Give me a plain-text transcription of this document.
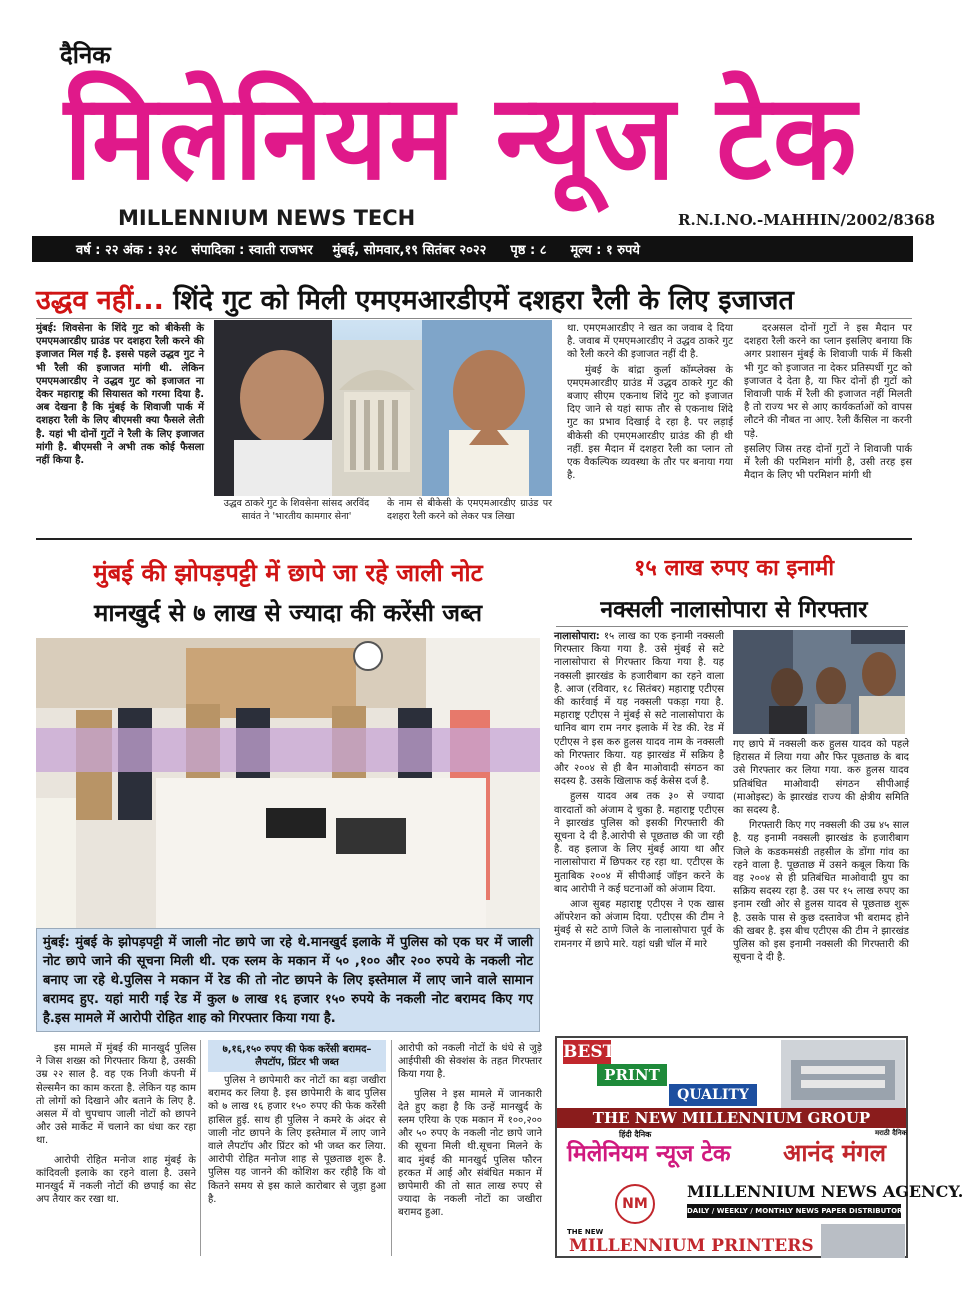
दैनिक
मिलेनियम न्यूज टेक
MILLENNIUM NEWS TECH	R.N.I.NO.-MAHHIN/2002/8368
वर्ष : २२ अंक : ३२८ संपादिका : स्वाती राजभर मुंबई, सोमवार,१९ सितंबर २०२२ पृष्ठ : ८ मूल्य : १ रुपये
उद्धव नहीं... शिंदे गुट को मिली एमएमआरडीएमें दशहरा रैली के लिए इजाजत
मुंबई: शिवसेना के शिंदे गुट को बीकेसी के एमएमआरडीए ग्राउंड पर दशहरा रैली करने की इजाजत मिल गई है. इससे पहले उद्धव गुट ने भी रैली की इजाजत मांगी थी. लेकिन एमएमआरडीए ने उद्धव गुट को इजाजत ना देकर महाराष्ट्र की सियासत को गरमा दिया है. अब देखना है कि मुंबई के शिवाजी पार्क में दशहरा रैली के लिए बीएमसी क्या फैसले लेती है. यहां भी दोनों गुटों ने रैली के लिए इजाजत मांगी है. बीएमसी ने अभी तक कोई फैसला नहीं किया है.
उद्धव ठाकरे गुट के शिवसेना सांसद अरविंद सावंत ने 'भारतीय कामगार सेना'
के नाम से बीकेसी के एमएमआरडीए ग्राउंड पर दशहरा रैली करने को लेकर पत्र लिखा

था. एमएमआरडीए ने खत का जवाब दे दिया है. जवाब में एमएमआरडीए ने उद्धव ठाकरे गुट को रैली करने की इजाजत नहीं दी है.

मुंबई के बांद्रा कुर्ला कॉम्प्लेक्स के एमएमआरडीए ग्राउंड में उद्धव ठाकरे गुट की बजाए सीएम एकनाथ शिंदे गुट को इजाजत दिए जाने से यहां साफ तौर से एकनाथ शिंदे गुट का प्रभाव दिखाई दे रहा है. पर लड़ाई बीकेसी की एमएमआरडीए ग्राउंड की ही थी नहीं. इस मैदान में दशहरा रैली का प्लान तो एक वैकल्पिक व्यवस्था के तौर पर बनाया गया है.

दरअसल दोनों गुटों ने इस मैदान पर दशहरा रैली करने का प्लान इसलिए बनाया कि अगर प्रशासन मुंबई के शिवाजी पार्क में किसी भी गुट को इजाजत ना देकर प्रतिस्पर्धी गुट को इजाजत दे देता है, या फिर दोनों ही गुटों को शिवाजी पार्क में रैली की इजाजत नहीं मिलती है तो राज्य भर से आए कार्यकर्ताओं को वापस लौटने की नौबत ना आए. रैली कैंसिल ना करनी पड़े.

इसलिए जिस तरह दोनों गुटों ने शिवाजी पार्क में रैली की परमिशन मांगी है, उसी तरह इस मैदान के लिए भी परमिशन मांगी थी

मुंबई की झोपड़पट्टी में छापे जा रहे जाली नोट
मानखुर्द से ७ लाख से ज्यादा की करेंसी जब्त
मुंबई: मुंबई के झोपड़पट्टी में जाली नोट छापे जा रहे थे.मानखुर्द इलाके में पुलिस को एक घर में जाली नोट छापे जाने की सूचना मिली थी. एक स्लम के मकान में ५० ,१०० और २०० रुपये के नकली नोट बनाए जा रहे थे.पुलिस ने मकान में रेड की तो नोट छापने के लिए इस्तेमाल में लाए जाने वाले सामान बरामद हुए. यहां मारी गई रेड में कुल ७ लाख १६ हजार १५० रुपये के नकली नोट बरामद किए गए है.इस मामले में आरोपी रोहित शाह को गिरफ्तार किया गया है.

इस मामले में मुंबई की मानखुर्द पुलिस ने जिस शख्स को गिरफ्तार किया है, उसकी उम्र २२ साल है. वह एक निजी कंपनी में सेल्समैन का काम करता है. लेकिन यह काम तो लोगों को दिखाने और बताने के लिए है. असल में वो चुपचाप जाली नोटों को छापने और उसे मार्केट में चलाने का धंधा कर रहा था.

आरोपी रोहित मनोज शाह मुंबई के कांदिवली इलाके का रहने वाला है. उसने मानखुर्द में नकली नोटों की छपाई का सेट अप तैयार कर रखा था.

७,१६,१५० रुपए की फेक करेंसी बरामद– लैपटॉप, प्रिंटर भी जब्त
पुलिस ने छापेमारी कर नोटों का बड़ा जखीरा बरामद कर लिया है. इस छापेमारी के बाद पुलिस को ७ लाख १६ हजार १५० रुपए की फेक करेंसी हासिल हुई. साथ ही पुलिस ने कमरे के अंदर से जाली नोट छापने के लिए इस्तेमाल में लाए जाने वाले लैपटॉप और प्रिंटर को भी जब्त कर लिया. आरोपी रोहित मनोज शाह से पूछताछ शुरू है. पुलिस यह जानने की कोशिश कर रहीहै कि वो कितने समय से इस काले कारोबार से जुड़ा हुआ है.

आरोपी को नकली नोटों के धंधे से जुड़े आईपीसी की सेक्शंस के तहत गिरफ्तार किया गया है.

पुलिस ने इस मामले में जानकारी देते हुए कहा है कि उन्हें मानखुर्द के स्लम एरिया के एक मकान में १००,२०० और ५० रुपए के नकली नोट छापे जाने की सूचना मिली थी.सूचना मिलने के बाद मुंबई की मानखुर्द पुलिस फौरन हरकत में आई और संबंधित मकान में छापेमारी की तो सात लाख रुपए से ज्यादा के नकली नोटों का जखीरा बरामद हुआ.

१५ लाख रुपए का इनामी
नक्सली नालासोपारा से गिरफ्तार

नालासोपारा: १५ लाख का एक इनामी नक्सली गिरफ्तार किया गया है. उसे मुंबई से सटे नालासोपारा से गिरफ्तार किया गया है. यह नक्सली झारखंड के हजारीबाग का रहने वाला है. आज (रविवार, १८ सितंबर) महाराष्ट्र एटीएस की कार्रवाई में यह नक्सली पकड़ा गया है. महाराष्ट्र एटीएस ने मुंबई से सटे नालासोपारा के धानिव बाग राम नगर इलाके में रेड की. रेड में एटीएस ने इस करु हुलस यादव नाम के नक्सली को गिरफ्तार किया. यह झारखंड में सक्रिय है और २००४ से ही बैन माओवादी संगठन का सदस्य है. उसके खिलाफ कई केसेस दर्ज है.

हुलस यादव अब तक ३० से ज्यादा वारदातों को अंजाम दे चुका है. महाराष्ट्र एटीएस ने झारखंड पुलिस को इसकी गिरफ्तारी की सूचना दे दी है.आरोपी से पूछताछ की जा रही है. वह इलाज के लिए मुंबई आया था और नालासोपारा में छिपकर रह रहा था. एटीएस के मुताबिक २००४ में सीपीआई जॉइन करने के बाद आरोपी ने कई घटनाओं को अंजाम दिया.

आज सुबह महाराष्ट्र एटीएस ने एक खास ऑपरेशन को अंजाम दिया. एटीएस की टीम ने मुंबई से सटे ठाणे जिले के नालासोपारा पूर्व के रामनगर में छापे मारे. यहां धन्नी चॉल में मारे

गए छापे में नक्सली करु हुलस यादव को पहले हिरासत में लिया गया और फिर पूछताछ के बाद उसे गिरफ्तार कर लिया गया. करु हुलस यादव प्रतिबंधित माओवादी संगठन सीपीआई (माओइस्ट) के झारखंड राज्य की क्षेत्रीय समिति का सदस्य है.

गिरफ्तारी किए गए नक्सली की उम्र ४५ साल है. यह इनामी नक्सली झारखंड के हजारीबाग जिले के कडकमसंडी तहसील के डोंगा गांव का रहने वाला है. पूछताछ में उसने कबूल किया कि वह २००४ से ही प्रतिबंधित माओवादी ग्रुप का सक्रिय सदस्य रहा है. उस पर १५ लाख रुपए का इनाम रखी ओर से हुलस यादव से पूछताछ शुरू है. उसके पास से कुछ दस्तावेज भी बरामद होने की खबर है. इस बीच एटीएस की टीम ने झारखंड पुलिस को इस इनामी नक्सली की गिरफ्तारी की सूचना दे दी है.

BEST
PRINT
QUALITY
THE NEW MILLENNIUM GROUP
हिंदी दैनिक
मिलेनियम न्यूज टेक
मराठी दैनिक
आनंद मंगल
NM
MILLENNIUM NEWS AGENCY.
DAILY / WEEKLY / MONTHLY NEWS PAPER DISTRIBUTOR
THE NEW
MILLENNIUM PRINTERS
